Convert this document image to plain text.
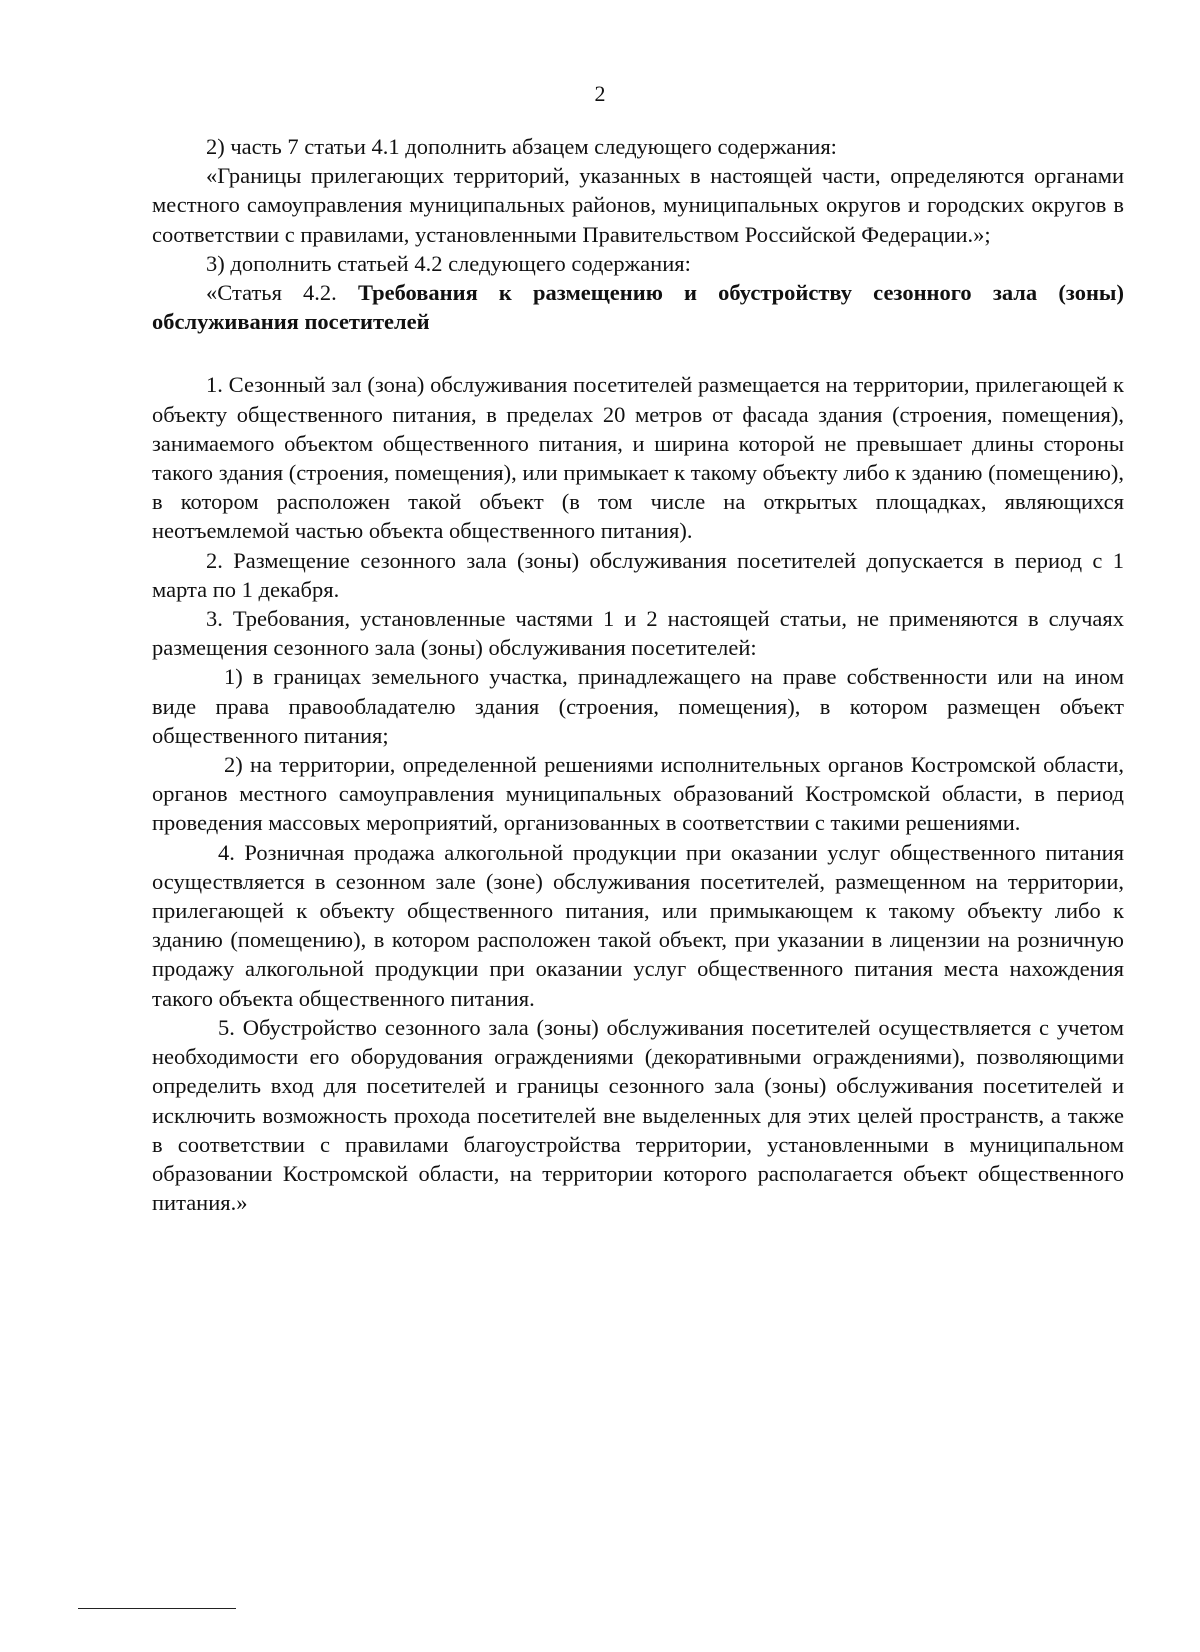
2

2) часть 7 статьи 4.1 дополнить абзацем следующего содержания:

«Границы прилегающих территорий, указанных в настоящей части, определяются органами местного самоуправления муниципальных районов, муниципальных округов и городских округов в соответствии с правилами, установленными Правительством Российской Федерации.»;

3) дополнить статьей 4.2 следующего содержания:

«Статья 4.2. Требования к размещению и обустройству сезонного зала (зоны) обслуживания посетителей

1. Сезонный зал (зона) обслуживания посетителей размещается на территории, прилегающей к объекту общественного питания, в пределах 20 метров от фасада здания (строения, помещения), занимаемого объектом общественного питания, и ширина которой не превышает длины стороны такого здания (строения, помещения), или примыкает к такому объекту либо к зданию (помещению), в котором расположен такой объект (в том числе на открытых площадках, являющихся неотъемлемой частью объекта общественного питания).

2. Размещение сезонного зала (зоны) обслуживания посетителей допускается в период с 1 марта по 1 декабря.

3. Требования, установленные частями 1 и 2 настоящей статьи, не применяются в случаях размещения сезонного зала (зоны) обслуживания посетителей:

1) в границах земельного участка, принадлежащего на праве собственности или на ином виде права правообладателю здания (строения, помещения), в котором размещен объект общественного питания;

2) на территории, определенной решениями исполнительных органов Костромской области, органов местного самоуправления муниципальных образований Костромской области, в период проведения массовых мероприятий, организованных в соответствии с такими решениями.

4. Розничная продажа алкогольной продукции при оказании услуг общественного питания осуществляется в сезонном зале (зоне) обслуживания посетителей, размещенном на территории, прилегающей к объекту общественного питания, или примыкающем к такому объекту либо к зданию (помещению), в котором расположен такой объект, при указании в лицензии на розничную продажу алкогольной продукции при оказании услуг общественного питания места нахождения такого объекта общественного питания.

5. Обустройство сезонного зала (зоны) обслуживания посетителей осуществляется с учетом необходимости его оборудования ограждениями (декоративными ограждениями), позволяющими определить вход для посетителей и границы сезонного зала (зоны) обслуживания посетителей и исключить возможность прохода посетителей вне выделенных для этих целей пространств, а также в соответствии с правилами благоустройства территории, установленными в муниципальном образовании Костромской области, на территории которого располагается объект общественного питания.»
